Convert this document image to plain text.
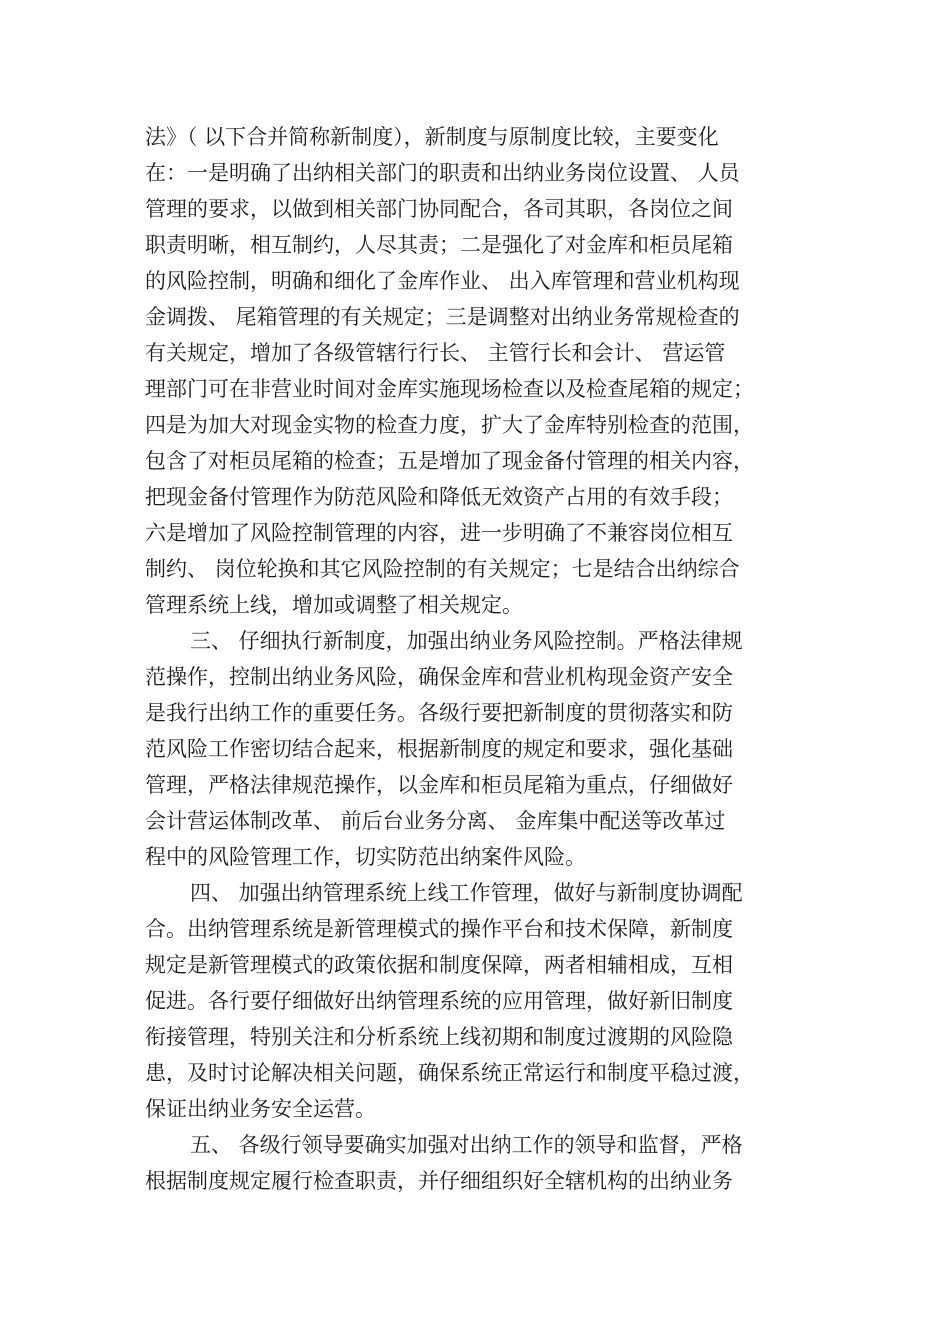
法》（ 以下合并简称新制度），新制度与原制度比较，主要变化
在：一是明确了出纳相关部门的职责和出纳业务岗位设置、 人员
管理的要求，以做到相关部门协同配合，各司其职，各岗位之间
职责明晰，相互制约，人尽其责；二是强化了对金库和柜员尾箱
的风险控制，明确和细化了金库作业、 出入库管理和营业机构现
金调拨、 尾箱管理的有关规定；三是调整对出纳业务常规检查的
有关规定，增加了各级管辖行行长、 主管行长和会计、 营运管
理部门可在非营业时间对金库实施现场检查以及检查尾箱的规定；
四是为加大对现金实物的检查力度，扩大了金库特别检查的范围，
包含了对柜员尾箱的检查；五是增加了现金备付管理的相关内容，
把现金备付管理作为防范风险和降低无效资产占用的有效手段；
六是增加了风险控制管理的内容，进一步明确了不兼容岗位相互
制约、 岗位轮换和其它风险控制的有关规定；七是结合出纳综合
管理系统上线，增加或调整了相关规定。
三、 仔细执行新制度，加强出纳业务风险控制。严格法律规
范操作，控制出纳业务风险，确保金库和营业机构现金资产安全
是我行出纳工作的重要任务。各级行要把新制度的贯彻落实和防
范风险工作密切结合起来，根据新制度的规定和要求，强化基础
管理，严格法律规范操作，以金库和柜员尾箱为重点，仔细做好
会计营运体制改革、 前后台业务分离、 金库集中配送等改革过
程中的风险管理工作，切实防范出纳案件风险。
四、 加强出纳管理系统上线工作管理，做好与新制度协调配
合。出纳管理系统是新管理模式的操作平台和技术保障，新制度
规定是新管理模式的政策依据和制度保障，两者相辅相成，互相
促进。各行要仔细做好出纳管理系统的应用管理，做好新旧制度
衔接管理，特别关注和分析系统上线初期和制度过渡期的风险隐
患，及时讨论解决相关问题，确保系统正常运行和制度平稳过渡，
保证出纳业务安全运营。
五、 各级行领导要确实加强对出纳工作的领导和监督，严格
根据制度规定履行检查职责，并仔细组织好全辖机构的出纳业务
